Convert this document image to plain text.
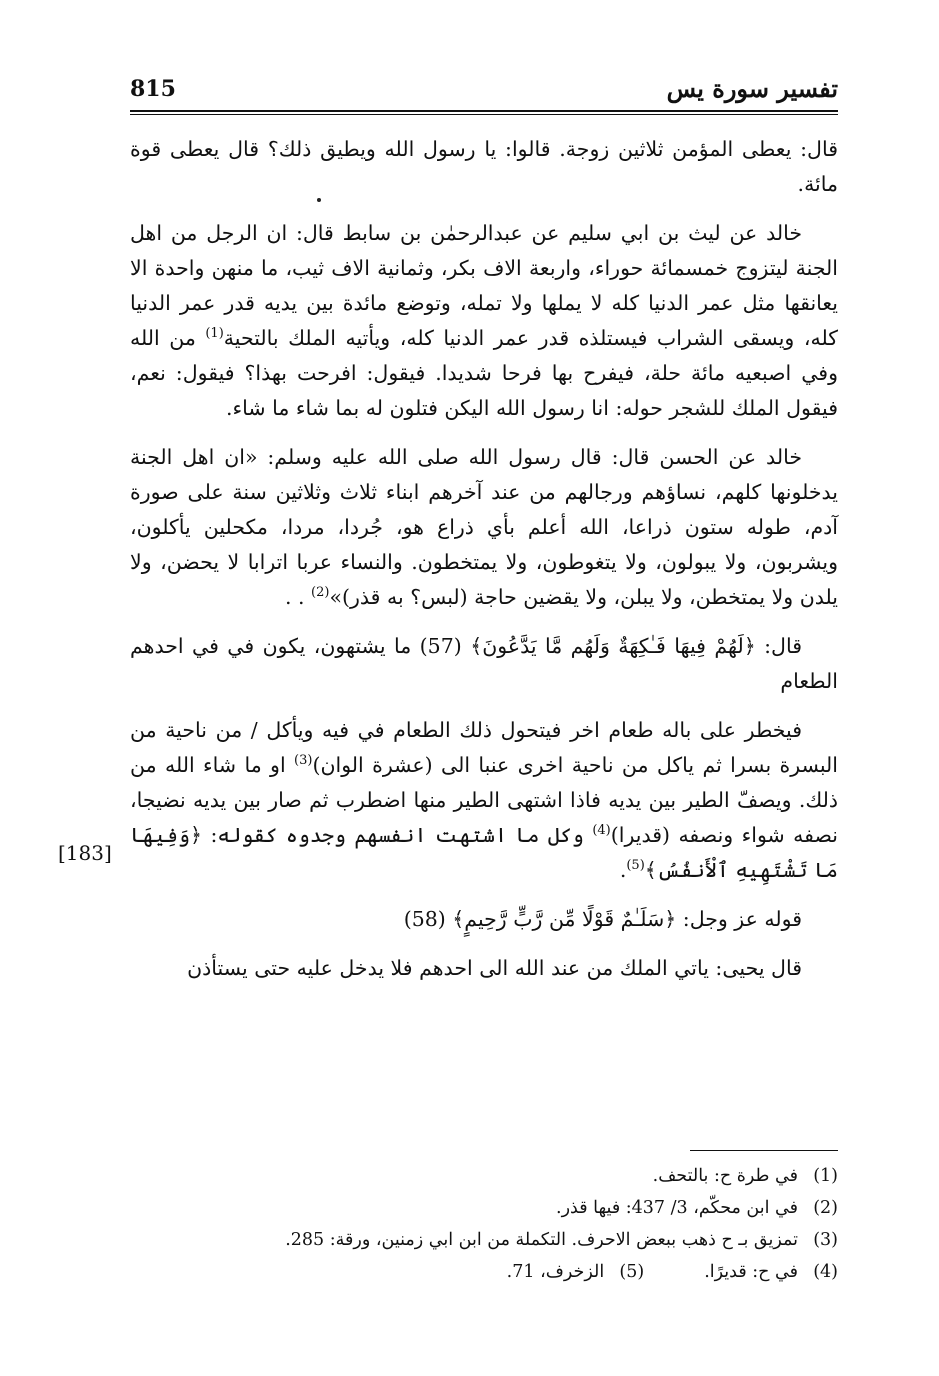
تفسير سورة يس
815

قال: يعطى المؤمن ثلاثين زوجة. قالوا: يا رسول الله ويطيق ذلك؟ قال يعطى قوة مائة.

خالد عن ليث بن ابي سليم عن عبدالرحمٰن بن سابط قال: ان الرجل من اهل الجنة ليتزوج خمسمائة حوراء، واربعة الاف بكر، وثمانية الاف ثيب، ما منهن واحدة الا يعانقها مثل عمر الدنيا كله لا يملها ولا تمله، وتوضع مائدة بين يديه قدر عمر الدنيا كله، ويسقى الشراب فيستلذه قدر عمر الدنيا كله، ويأتيه الملك بالتحية$^{(1)}$ من الله وفي اصبعيه مائة حلة، فيفرح بها فرحا شديدا. فيقول: افرحت بهذا؟ فيقول: نعم، فيقول الملك للشجر حوله: انا رسول الله اليكن فتلون له بما شاء ما شاء.

خالد عن الحسن قال: قال رسول الله صلى الله عليه وسلم: «ان اهل الجنة يدخلونها كلهم، نساؤهم ورجالهم من عند آخرهم ابناء ثلاث وثلاثين سنة على صورة آدم، طوله ستون ذراعا، الله أعلم بأي ذراع هو، جُردا، مردا، مكحلين يأكلون، ويشربون، ولا يبولون، ولا يتغوطون، ولا يمتخطون. والنساء عربا اترابا لا يحضن، ولا يلدن ولا يمتخطن، ولا يبلن، ولا يقضين حاجة (لبس؟ به قذر)»$^{(2)}$ . .

قال: ﴿لَهُمْ فِيهَا فَـٰكِهَةٌ وَلَهُم مَّا يَدَّعُونَ﴾ (57) ما يشتهون، يكون في في احدهم الطعام

فيخطر على باله طعام اخر فيتحول ذلك الطعام في فيه ويأكل / من ناحية من البسرة بسرا ثم ياكل من ناحية اخرى عنبا الى (عشرة الوان)$^{(3)}$ او ما شاء الله من ذلك. ويصفّ الطير بين يديه فاذا اشتهى الطير منها اضطرب ثم صار بين يديه نضيجا، نصفه شواء ونصفه (قديرا)$^{(4)}$ وكل ما اشتهت انفسهم وجدوه كقوله: ﴿وَفِيهَا مَا تَشْتَهِيهِ ٱلْأَنفُسُ﴾$^{(5)}$.

قوله عز وجل: ﴿سَلَـٰمٌ قَوْلًا مِّن رَّبٍّ رَّحِيمٍ﴾ (58)

قال يحيى: ياتي الملك من عند الله الى احدهم فلا يدخل عليه حتى يستأذن

[183]
(1)في طرة ح: بالتحف.
(2)في ابن محكّم، 3/ 437: فيها قذر.
(3)تمزيق بـ ح ذهب ببعض الاحرف. التكملة من ابن ابي زمنين، ورقة: 285.
(4)في ح: قديرًا.(5)الزخرف، 71.
